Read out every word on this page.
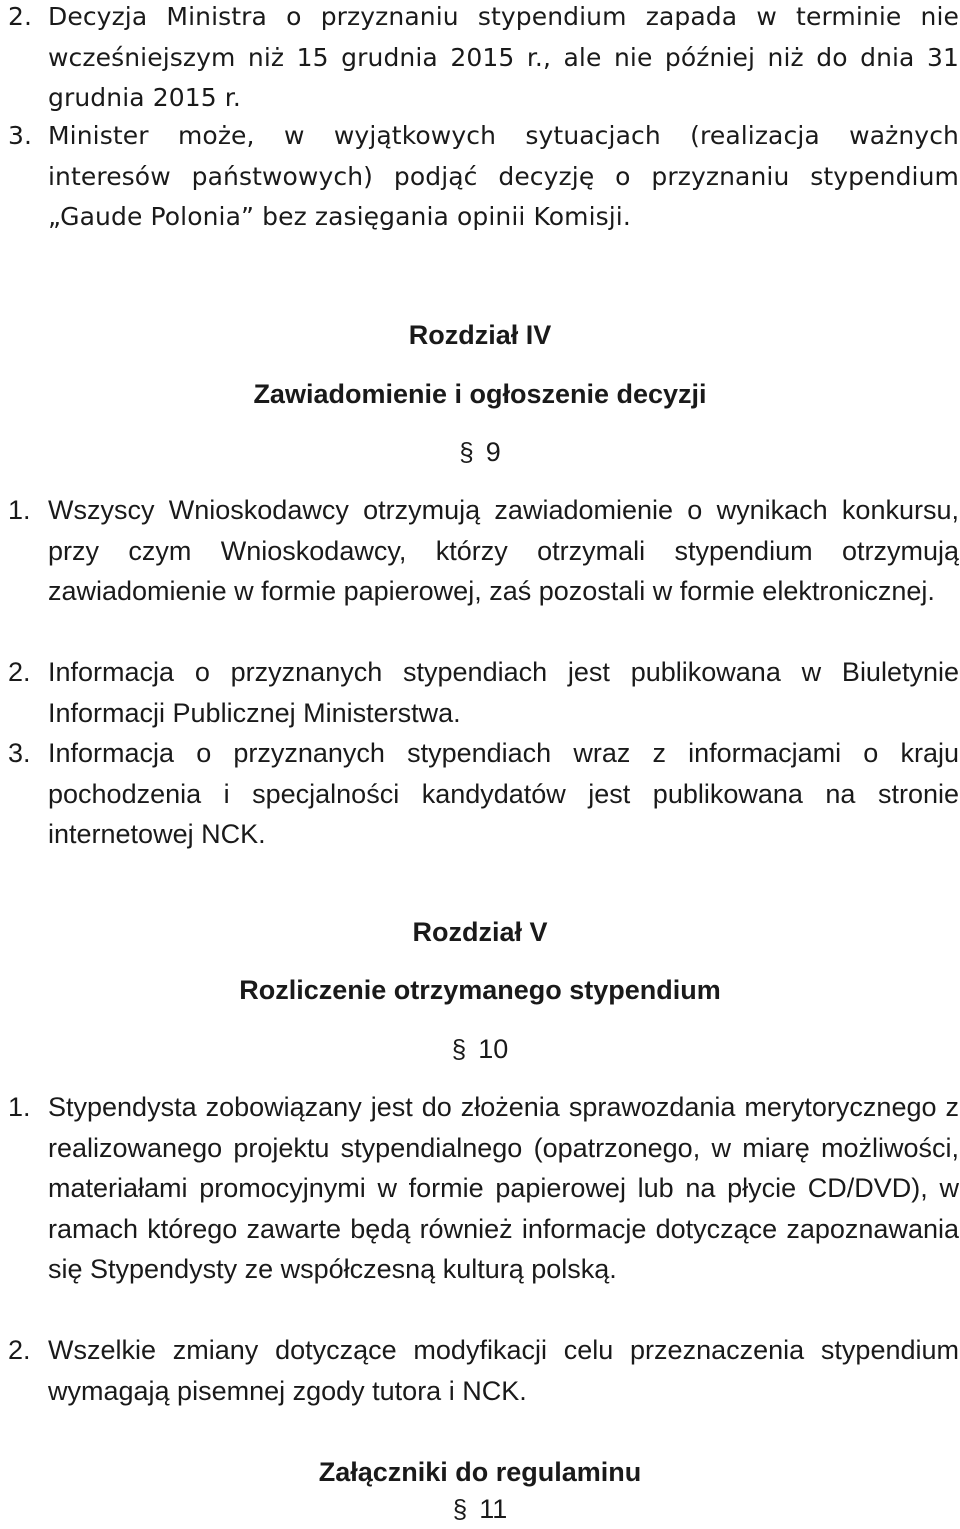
2. Decyzja Ministra o przyznaniu stypendium zapada w terminie nie wcześniejszym niż 15 grudnia 2015 r., ale nie później niż do dnia 31 grudnia 2015 r.
3. Minister może, w wyjątkowych sytuacjach (realizacja ważnych interesów państwowych) podjąć decyzję o przyznaniu stypendium „Gaude Polonia” bez zasięgania opinii Komisji.
Rozdział IV
Zawiadomienie i ogłoszenie decyzji
§ 9
1. Wszyscy Wnioskodawcy otrzymują zawiadomienie o wynikach konkursu, przy czym Wnioskodawcy, którzy otrzymali stypendium otrzymują zawiadomienie w formie papierowej, zaś pozostali w formie elektronicznej.
2. Informacja o przyznanych stypendiach jest publikowana w Biuletynie Informacji Publicznej Ministerstwa.
3. Informacja o przyznanych stypendiach wraz z informacjami o kraju pochodzenia i specjalności kandydatów jest publikowana na stronie internetowej NCK.
Rozdział V
Rozliczenie otrzymanego stypendium
§ 10
1. Stypendysta zobowiązany jest do złożenia sprawozdania merytorycznego z realizowanego projektu stypendialnego (opatrzonego, w miarę możliwości, materiałami promocyjnymi w formie papierowej lub na płycie CD/DVD), w ramach którego zawarte będą również informacje dotyczące zapoznawania się Stypendysty ze współczesną kulturą polską.
2. Wszelkie zmiany dotyczące modyfikacji celu przeznaczenia stypendium wymagają pisemnej zgody tutora i NCK.
Załączniki do regulaminu
§ 11
